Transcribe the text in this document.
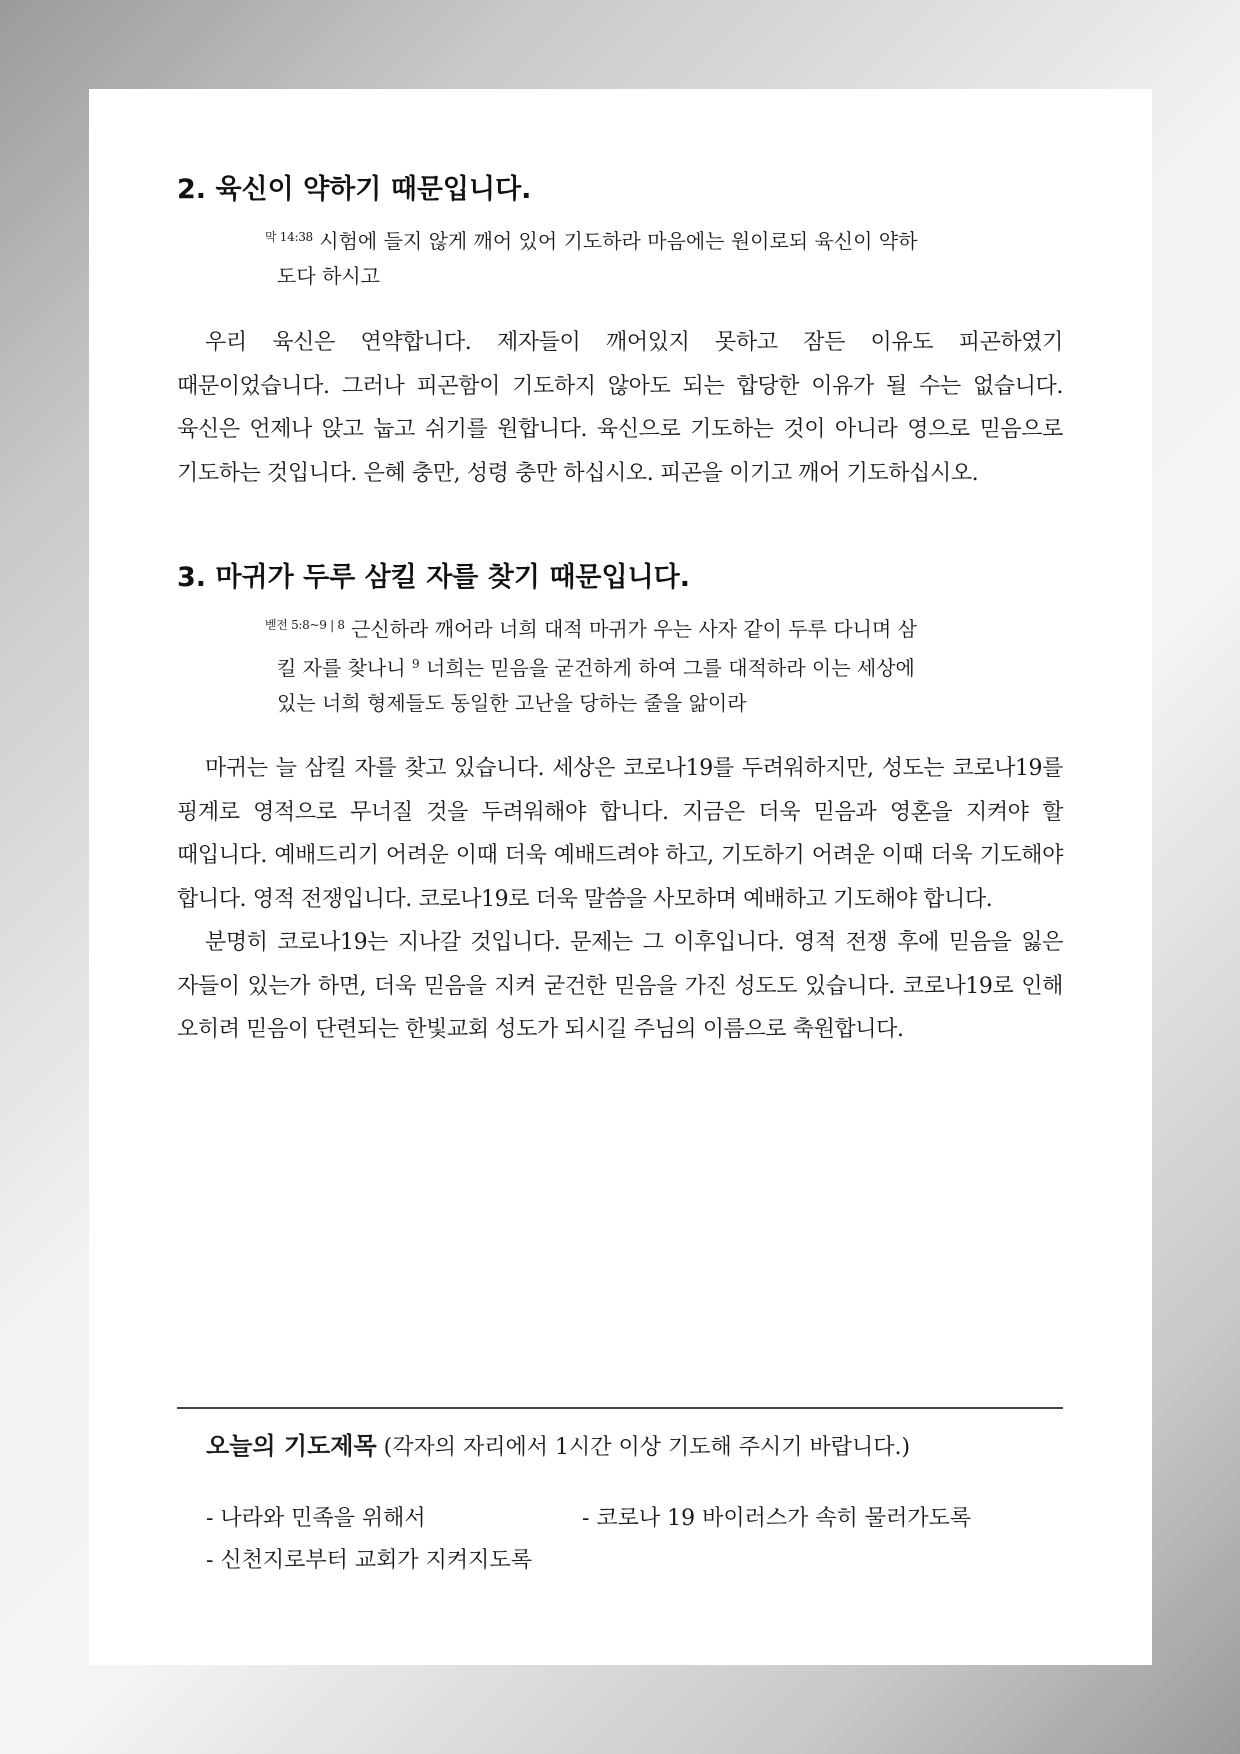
2. 육신이 약하기 때문입니다.

$^{막 14:38}$ 시험에 들지 않게 깨어 있어 기도하라 마음에는 원이로되 육신이 약하
도다 하시고

우리 육신은 연약합니다. 제자들이 깨어있지 못하고 잠든 이유도 피곤하였기 때문이었습니다. 그러나 피곤함이 기도하지 않아도 되는 합당한 이유가 될 수는 없습니다. 육신은 언제나 앉고 눕고 쉬기를 원합니다. 육신으로 기도하는 것이 아니라 영으로 믿음으로 기도하는 것입니다. 은혜 충만, 성령 충만 하십시오. 피곤을 이기고 깨어 기도하십시오.

3. 마귀가 두루 삼킬 자를 찾기 때문입니다.

$^{벧전 5:8\sim 9 | 8}$ 근신하라 깨어라 너희 대적 마귀가 우는 사자 같이 두루 다니며 삼
킬 자를 찾나니 $^9$ 너희는 믿음을 굳건하게 하여 그를 대적하라 이는 세상에
있는 너희 형제들도 동일한 고난을 당하는 줄을 앎이라

마귀는 늘 삼킬 자를 찾고 있습니다. 세상은 코로나19를 두려워하지만, 성도는 코로나19를 핑계로 영적으로 무너질 것을 두려워해야 합니다. 지금은 더욱 믿음과 영혼을 지켜야 할 때입니다. 예배드리기 어려운 이때 더욱 예배드려야 하고, 기도하기 어려운 이때 더욱 기도해야 합니다. 영적 전쟁입니다. 코로나19로 더욱 말씀을 사모하며 예배하고 기도해야 합니다.

분명히 코로나19는 지나갈 것입니다. 문제는 그 이후입니다. 영적 전쟁 후에 믿음을 잃은 자들이 있는가 하면, 더욱 믿음을 지켜 굳건한 믿음을 가진 성도도 있습니다. 코로나19로 인해 오히려 믿음이 단련되는 한빛교회 성도가 되시길 주님의 이름으로 축원합니다.

오늘의 기도제목 (각자의 자리에서 1시간 이상 기도해 주시기 바랍니다.)
- 나라와 민족을 위해서	- 코로나 19 바이러스가 속히 물러가도록
- 신천지로부터 교회가 지켜지도록
